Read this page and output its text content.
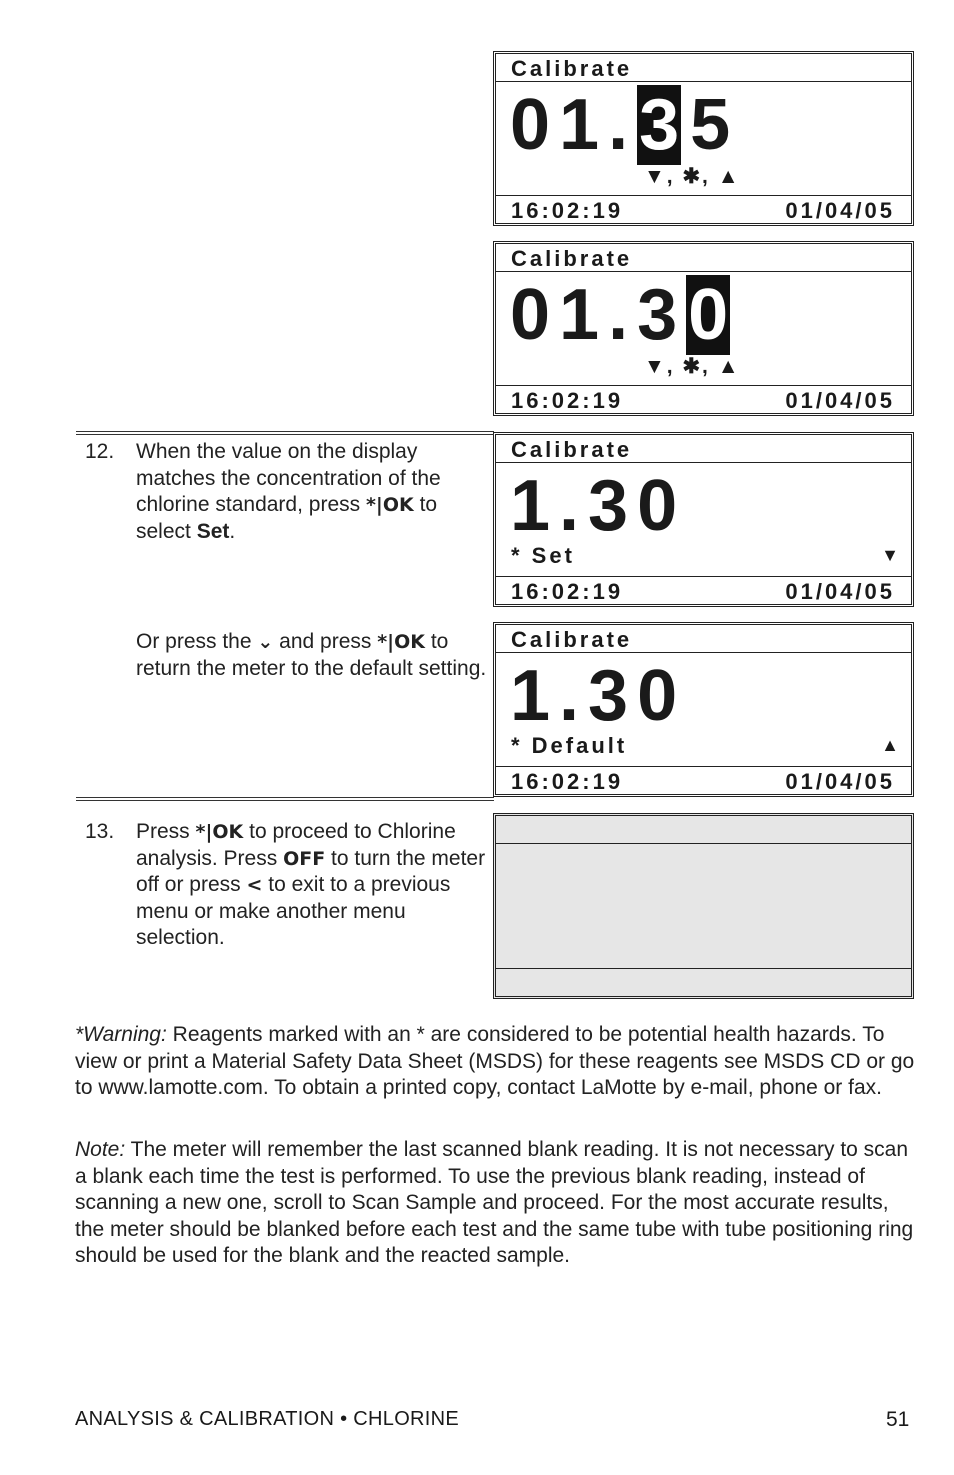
Calibrate
01.3 5
▼, ✱, ▲
16:02:19	01/04/05
Calibrate
01.30
▼, ✱, ▲
16:02:19	01/04/05
Calibrate
1.30
* Set	▼
16:02:19	01/04/05
Calibrate
1.30
* Default	▲
16:02:19	01/04/05
12. When the value on the display matches the concentration of the chlorine standard, press *|OK to select Set.
Or press the ⌄ and press *|OK to return the meter to the default setting.
13. Press *|OK to proceed to Chlorine analysis. Press OFF to turn the meter off or press < to exit to a previous menu or make another menu selection.
*Warning: Reagents marked with an * are considered to be potential health hazards. To view or print a Material Safety Data Sheet (MSDS) for these reagents see MSDS CD or go to www.lamotte.com. To obtain a printed copy, contact LaMotte by e-mail, phone or fax.
Note: The meter will remember the last scanned blank reading. It is not necessary to scan a blank each time the test is performed. To use the previous blank reading, instead of scanning a new one, scroll to Scan Sample and proceed. For the most accurate results, the meter should be blanked before each test and the same tube with tube positioning ring should be used for the blank and the reacted sample.
ANALYSIS & CALIBRATION • CHLORINE	51
